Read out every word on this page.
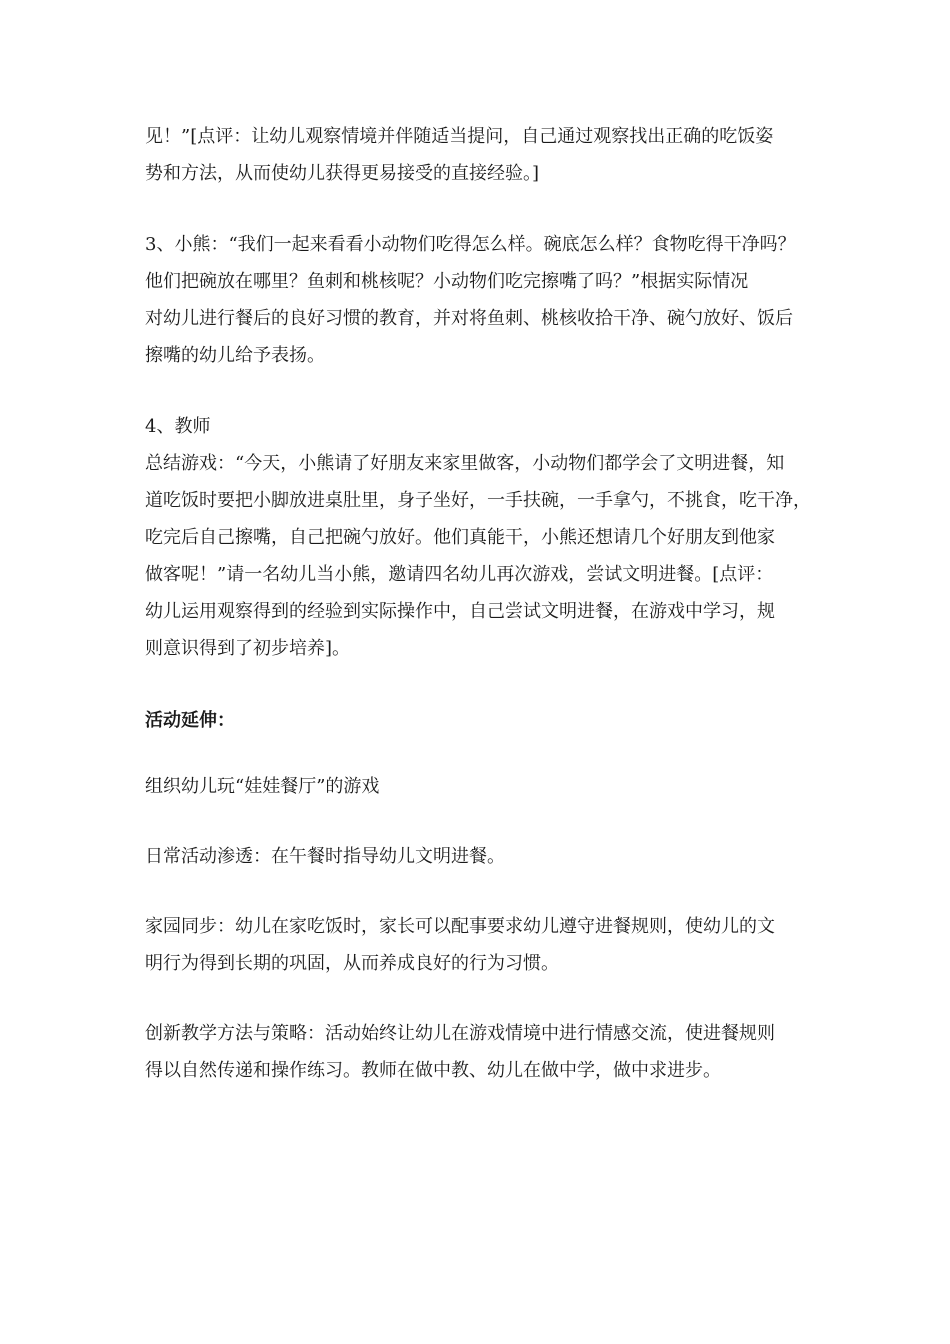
见！”[点评：让幼儿观察情境并伴随适当提问，自己通过观察找出正确的吃饭姿
势和方法，从而使幼儿获得更易接受的直接经验。]
3、小熊：“我们一起来看看小动物们吃得怎么样。碗底怎么样？食物吃得干净吗？
他们把碗放在哪里？鱼刺和桃核呢？小动物们吃完擦嘴了吗？”根据实际情况
对幼儿进行餐后的良好习惯的教育，并对将鱼刺、桃核收拾干净、碗勺放好、饭后
擦嘴的幼儿给予表扬。
4、教师
总结游戏：“今天，小熊请了好朋友来家里做客，小动物们都学会了文明进餐，知
道吃饭时要把小脚放进桌肚里，身子坐好，一手扶碗，一手拿勺，不挑食，吃干净，
吃完后自己擦嘴，自己把碗勺放好。他们真能干，小熊还想请几个好朋友到他家
做客呢！”请一名幼儿当小熊，邀请四名幼儿再次游戏，尝试文明进餐。[点评：
幼儿运用观察得到的经验到实际操作中，自己尝试文明进餐，在游戏中学习，规
则意识得到了初步培养]。
活动延伸：
组织幼儿玩“娃娃餐厅”的游戏
日常活动渗透：在午餐时指导幼儿文明进餐。
家园同步：幼儿在家吃饭时，家长可以配事要求幼儿遵守进餐规则，使幼儿的文
明行为得到长期的巩固，从而养成良好的行为习惯。
创新教学方法与策略：活动始终让幼儿在游戏情境中进行情感交流，使进餐规则
得以自然传递和操作练习。教师在做中教、幼儿在做中学，做中求进步。
